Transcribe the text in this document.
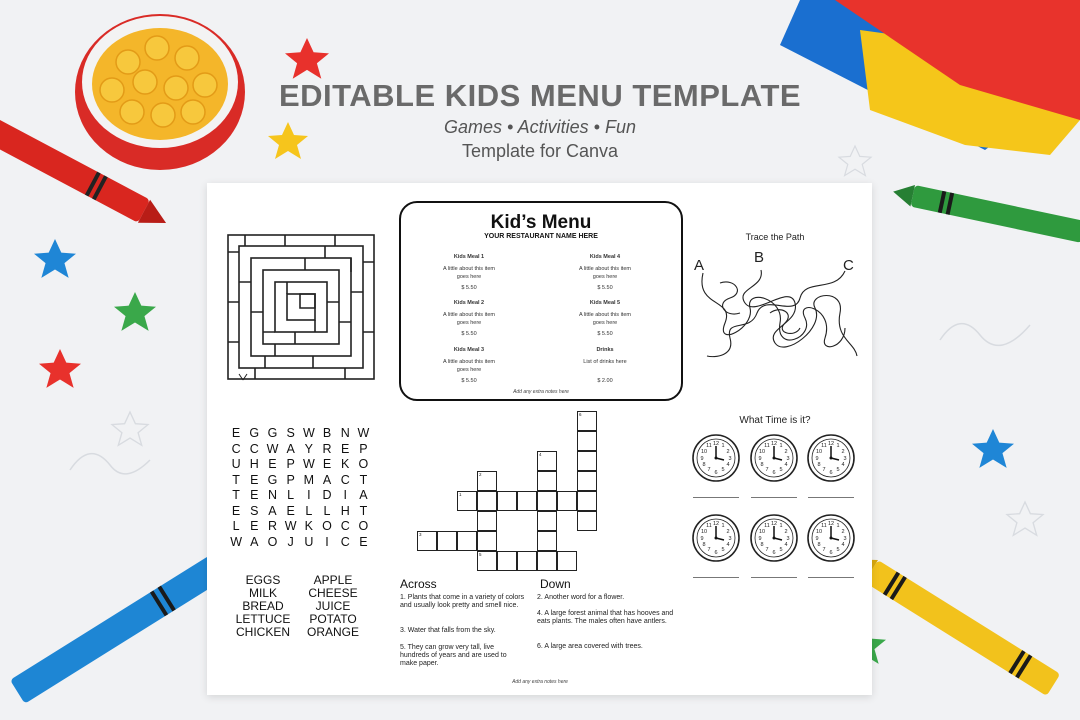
EDITABLE KIDS MENU TEMPLATE
Games • Activities • Fun
Template for Canva
Kid’s Menu
YOUR RESTAURANT NAME HERE
Kids Meal 1
A little about this item
goes here
$ 5.50
Kids Meal 4
A little about this item
goes here
$ 5.50
Kids Meal 2
A little about this item
goes here
$ 5.50
Kids Meal 5
A little about this item
goes here
$ 5.50
Kids Meal 3
A little about this item
goes here
$ 5.50
Drinks
List of drinks here
$ 2.00
Add any extra notes here
Trace the Path
A	B	C
E G G S W B N W
C C W A Y R E P
U H E P W E K O
T E G P M A C T
T E N L	I D I A
E S A E L L H T
L E R W K O C O
W A O J U I C E
EGGS
MILK
BREAD
LETTUCE
CHICKEN
APPLE
CHEESE
JUICE
POTATO
ORANGE
6
4
2
1
3
5
Across
1. Plants that come in a variety of colors and usually look pretty and smell nice.
3. Water that falls from the sky.
5. They can grow very tall, live hundreds of years and are used to make paper.
Down
2. Another word for a flower.
4. A large forest animal that has hooves and eats plants. The males often have antlers.
6. A large area covered with trees.
Add any extra notes here
What Time is it?
3
4
5
6
